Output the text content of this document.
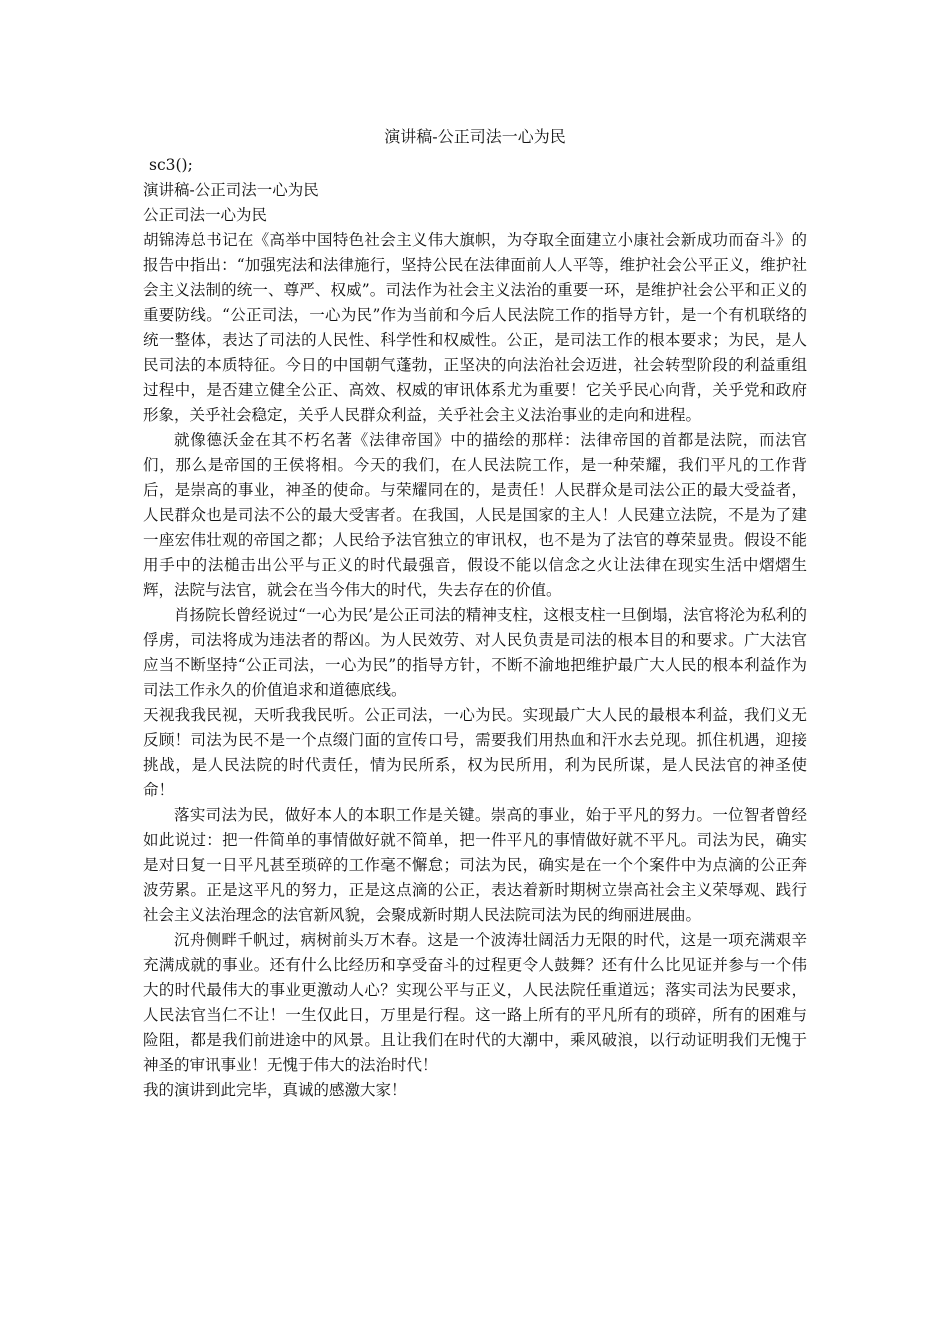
演讲稿-公正司法一心为民

sc3();

演讲稿-公正司法一心为民

公正司法一心为民

胡锦涛总书记在《高举中国特色社会主义伟大旗帜，为夺取全面建立小康社会新成功而奋斗》的报告中指出：“加强宪法和法律施行，坚持公民在法律面前人人平等，维护社会公平正义，维护社会主义法制的统一、尊严、权威”。司法作为社会主义法治的重要一环，是维护社会公平和正义的重要防线。“公正司法，一心为民”作为当前和今后人民法院工作的指导方针，是一个有机联络的统一整体，表达了司法的人民性、科学性和权威性。公正，是司法工作的根本要求；为民，是人民司法的本质特征。今日的中国朝气蓬勃，正坚决的向法治社会迈进，社会转型阶段的利益重组过程中，是否建立健全公正、高效、权威的审讯体系尤为重要！它关乎民心向背，关乎党和政府形象，关乎社会稳定，关乎人民群众利益，关乎社会主义法治事业的走向和进程。

就像德沃金在其不朽名著《法律帝国》中的描绘的那样：法律帝国的首都是法院，而法官们，那么是帝国的王侯将相。今天的我们，在人民法院工作，是一种荣耀，我们平凡的工作背后，是崇高的事业，神圣的使命。与荣耀同在的，是责任！人民群众是司法公正的最大受益者，人民群众也是司法不公的最大受害者。在我国，人民是国家的主人！人民建立法院，不是为了建一座宏伟壮观的帝国之都；人民给予法官独立的审讯权，也不是为了法官的尊荣显贵。假设不能用手中的法槌击出公平与正义的时代最强音，假设不能以信念之火让法律在现实生活中熠熠生辉，法院与法官，就会在当今伟大的时代，失去存在的价值。

肖扬院长曾经说过“一心为民’是公正司法的精神支柱，这根支柱一旦倒塌，法官将沦为私利的俘虏，司法将成为违法者的帮凶。为人民效劳、对人民负责是司法的根本目的和要求。广大法官应当不断坚持“公正司法，一心为民”的指导方针，不断不渝地把维护最广大人民的根本利益作为司法工作永久的价值追求和道德底线。

天视我我民视，天听我我民听。公正司法，一心为民。实现最广大人民的最根本利益，我们义无反顾！司法为民不是一个点缀门面的宣传口号，需要我们用热血和汗水去兑现。抓住机遇，迎接挑战，是人民法院的时代责任，情为民所系，权为民所用，利为民所谋，是人民法官的神圣使命！

落实司法为民，做好本人的本职工作是关键。崇高的事业，始于平凡的努力。一位智者曾经如此说过：把一件简单的事情做好就不简单，把一件平凡的事情做好就不平凡。司法为民，确实是对日复一日平凡甚至琐碎的工作毫不懈怠；司法为民，确实是在一个个案件中为点滴的公正奔波劳累。正是这平凡的努力，正是这点滴的公正，表达着新时期树立崇高社会主义荣辱观、践行社会主义法治理念的法官新风貌，会聚成新时期人民法院司法为民的绚丽进展曲。

沉舟侧畔千帆过，病树前头万木春。这是一个波涛壮阔活力无限的时代，这是一项充满艰辛充满成就的事业。还有什么比经历和享受奋斗的过程更令人鼓舞？还有什么比见证并参与一个伟大的时代最伟大的事业更激动人心？实现公平与正义，人民法院任重道远；落实司法为民要求，人民法官当仁不让！一生仅此日，万里是行程。这一路上所有的平凡所有的琐碎，所有的困难与险阻，都是我们前进途中的风景。且让我们在时代的大潮中，乘风破浪，以行动证明我们无愧于神圣的审讯事业！无愧于伟大的法治时代！

我的演讲到此完毕，真诚的感激大家！
